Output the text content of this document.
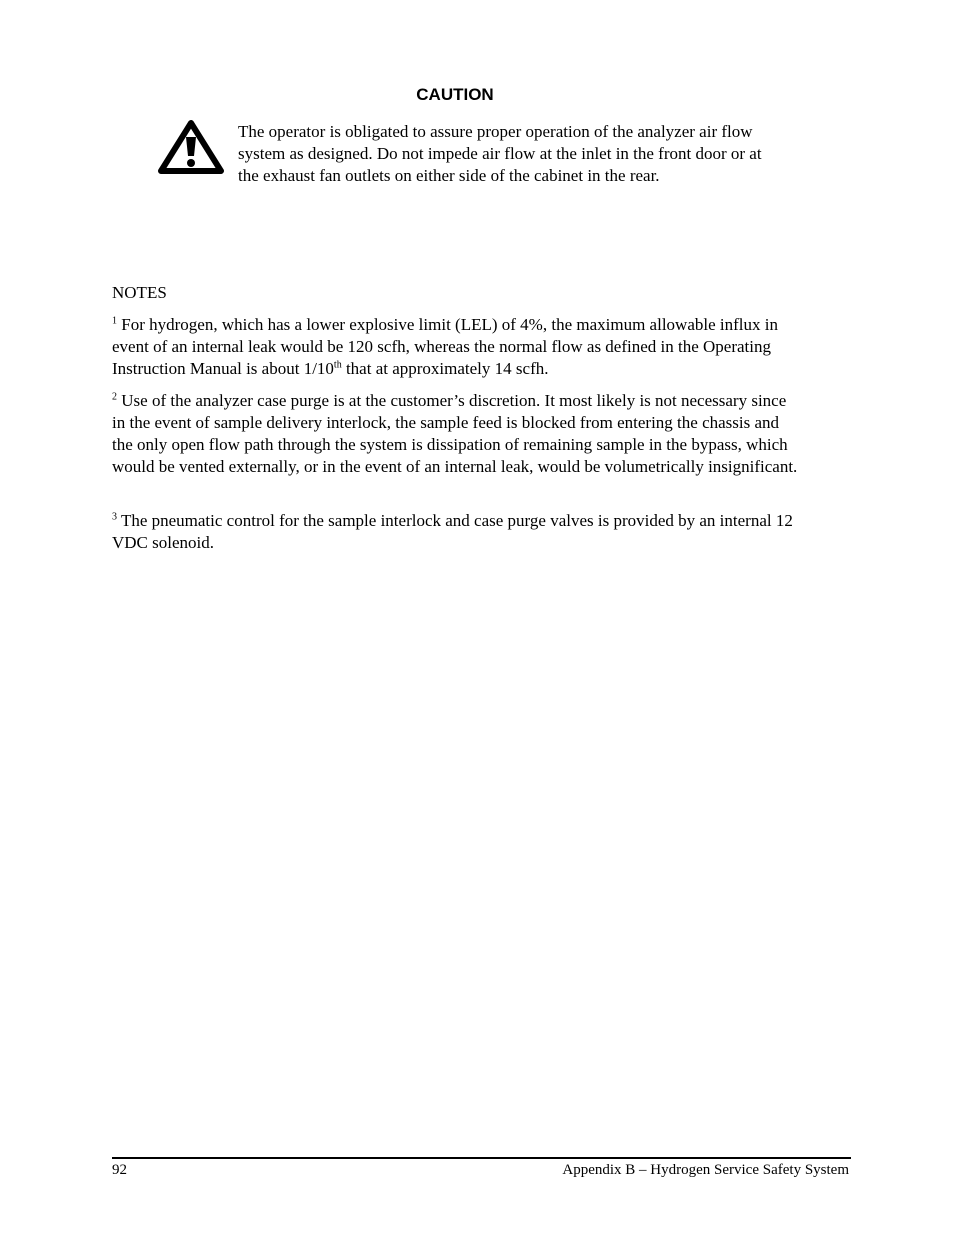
CAUTION
The operator is obligated to assure proper operation of the analyzer air flow system as designed. Do not impede air flow at the inlet in the front door or at the exhaust fan outlets on either side of the cabinet in the rear.
NOTES
$^1$ For hydrogen, which has a lower explosive limit (LEL) of 4%, the maximum allowable influx in event of an internal leak would be 120 scfh, whereas the normal flow as defined in the Operating Instruction Manual is about 1/10th that at approximately 14 scfh.
$^2$ Use of the analyzer case purge is at the customer’s discretion. It most likely is not necessary since in the event of sample delivery interlock, the sample feed is blocked from entering the chassis and the only open flow path through the system is dissipation of remaining sample in the bypass, which would be vented externally, or in the event of an internal leak, would be volumetrically insignificant.
$^3$ The pneumatic control for the sample interlock and case purge valves is provided by an internal 12 VDC solenoid.
92	Appendix B – Hydrogen Service Safety System
